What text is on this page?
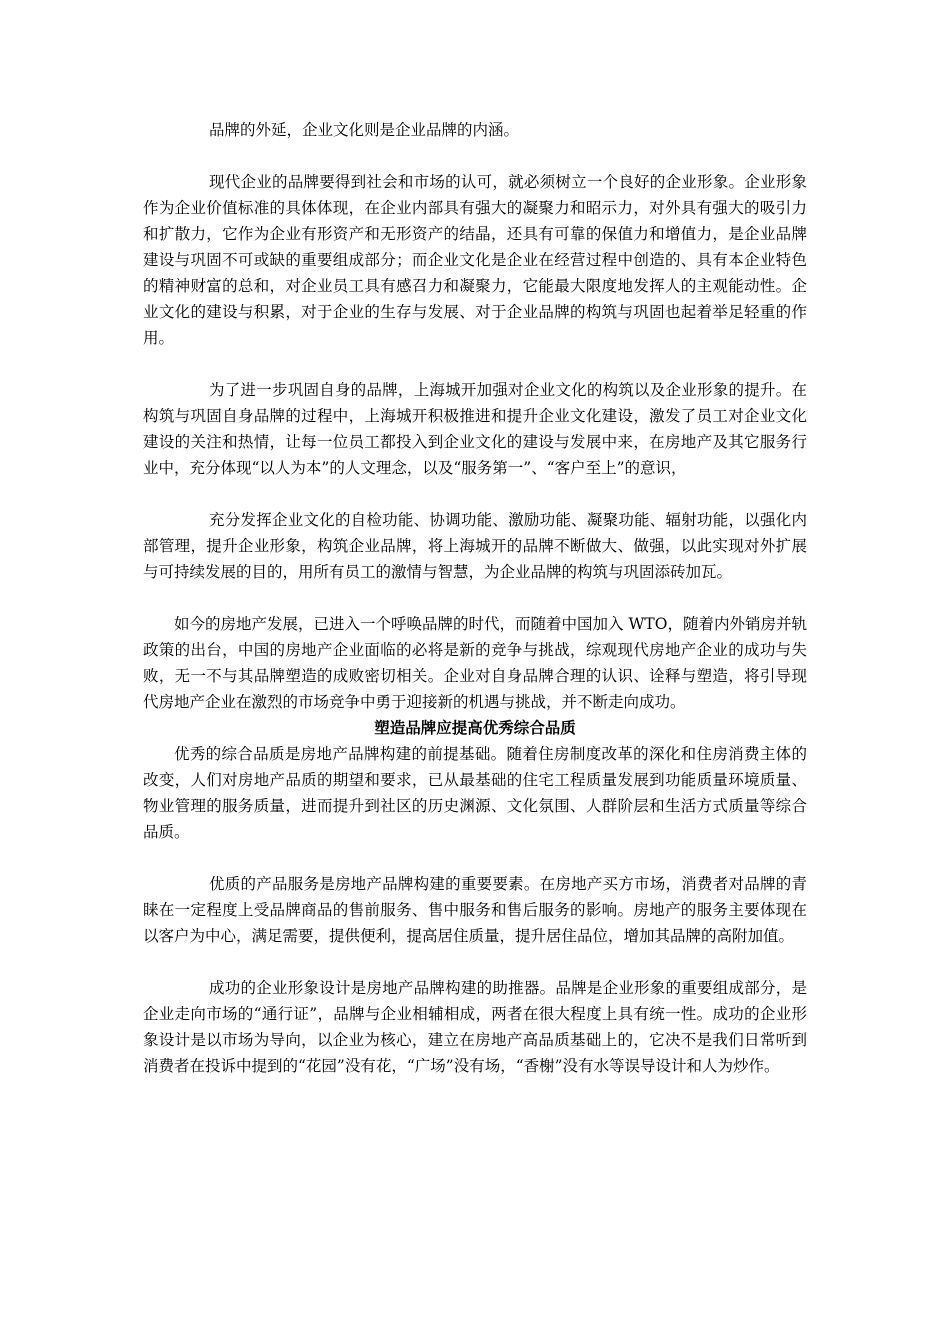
品牌的外延，企业文化则是企业品牌的内涵。

现代企业的品牌要得到社会和市场的认可，就必须树立一个良好的企业形象。企业形象作为企业价值标准的具体体现，在企业内部具有强大的凝聚力和昭示力，对外具有强大的吸引力和扩散力，它作为企业有形资产和无形资产的结晶，还具有可靠的保值力和增值力，是企业品牌建设与巩固不可或缺的重要组成部分；而企业文化是企业在经营过程中创造的、具有本企业特色的精神财富的总和，对企业员工具有感召力和凝聚力，它能最大限度地发挥人的主观能动性。企业文化的建设与积累，对于企业的生存与发展、对于企业品牌的构筑与巩固也起着举足轻重的作用。

为了进一步巩固自身的品牌，上海城开加强对企业文化的构筑以及企业形象的提升。在构筑与巩固自身品牌的过程中，上海城开积极推进和提升企业文化建设，激发了员工对企业文化建设的关注和热情，让每一位员工都投入到企业文化的建设与发展中来，在房地产及其它服务行业中，充分体现“以人为本”的人文理念，以及“服务第一”、“客户至上”的意识，

充分发挥企业文化的自检功能、协调功能、激励功能、凝聚功能、辐射功能，以强化内部管理，提升企业形象，构筑企业品牌，将上海城开的品牌不断做大、做强，以此实现对外扩展与可持续发展的目的，用所有员工的激情与智慧，为企业品牌的构筑与巩固添砖加瓦。

如今的房地产发展，已进入一个呼唤品牌的时代，而随着中国加入 WTO，随着内外销房并轨政策的出台，中国的房地产企业面临的必将是新的竞争与挑战，综观现代房地产企业的成功与失败，无一不与其品牌塑造的成败密切相关。企业对自身品牌合理的认识、诠释与塑造，将引导现代房地产企业在激烈的市场竞争中勇于迎接新的机遇与挑战，并不断走向成功。

塑造品牌应提高优秀综合品质

优秀的综合品质是房地产品牌构建的前提基础。随着住房制度改革的深化和住房消费主体的改变，人们对房地产品质的期望和要求，已从最基础的住宅工程质量发展到功能质量环境质量、物业管理的服务质量，进而提升到社区的历史渊源、文化氛围、人群阶层和生活方式质量等综合品质。

优质的产品服务是房地产品牌构建的重要要素。在房地产买方市场，消费者对品牌的青睐在一定程度上受品牌商品的售前服务、售中服务和售后服务的影响。房地产的服务主要体现在以客户为中心，满足需要，提供便利，提高居住质量，提升居住品位，增加其品牌的高附加值。

成功的企业形象设计是房地产品牌构建的助推器。品牌是企业形象的重要组成部分，是企业走向市场的“通行证”，品牌与企业相辅相成，两者在很大程度上具有统一性。成功的企业形象设计是以市场为导向，以企业为核心，建立在房地产高品质基础上的，它决不是我们日常听到消费者在投诉中提到的“花园”没有花，“广场”没有场，“香榭”没有水等误导设计和人为炒作。
